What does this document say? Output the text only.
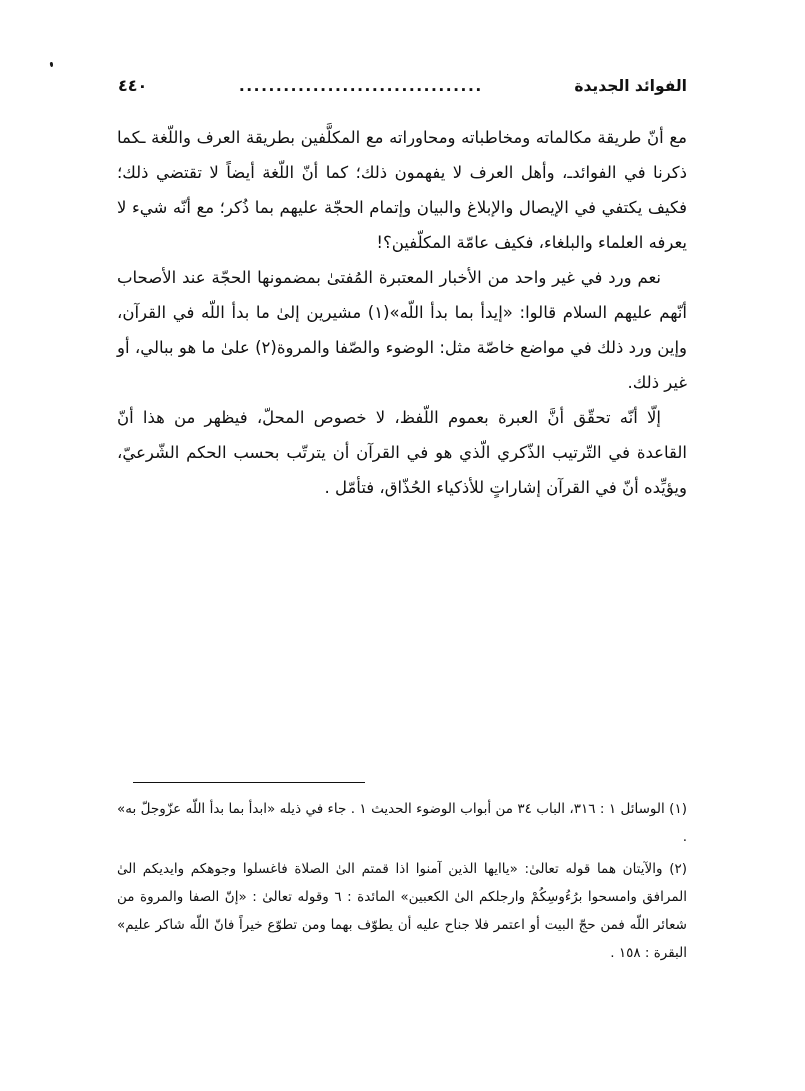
الفوائد الجديدة
.................................
٤٤٠

مع أنّ طريقة مكالماته ومخاطباته ومحاوراته مع المكلَّفين بطريقة العرف واللّغة ـكما ذكرنا في الفوائدـ، وأهل العرف لا يفهمون ذلك؛ كما أنّ اللّغة أيضاً لا تقتضي ذلك؛ فكيف يكتفي في الإيصال والإبلاغ والبيان وإتمام الحجّة عليهم بما ذُكر؛ مع أنّه شيء لا يعرفه العلماء والبلغاء، فكيف عامّة المكلّفين؟!

نعم ورد في غير واحد من الأخبار المعتبرة المُفتىٰ بمضمونها الحجّة عند الأصحاب أنّهم عليهم السلام قالوا: «إيدأ بما بدأ اللّه»‌(١) مشيرين إلىٰ ما بدأ اللّه في القرآن، وإين ورد ذلك في مواضع خاصّة مثل: الوضوء والصّفا والمروة‌(٢) علىٰ ما هو ببالي، أو غير ذلك.

إلّا أنّه تحقّق أنَّ العبرة بعموم اللّفظ، لا خصوص المحلّ، فيظهر من هذا أنّ القاعدة في التّرتيب الذّكري الّذي هو في القرآن أن يترتّب بحسب الحكم الشّرعيّ، ويؤيِّده أنّ في القرآن إشاراتٍ للأذكياء الحُذّاق، فتأمّل .

(١) الوسائل ١ : ٣١٦، الباب ٣٤ من أبواب الوضوء الحديث ١ . جاء في ذيله «ابدأ بما بدأ اللّه عزّوجلّ به» .

(٢) والآيتان هما قوله تعالىٰ: «ياايها الذين آمنوا اذا قمتم الىٰ الصلاة فاغسلوا وجوهكم وايديكم الىٰ المرافق وامسحوا برُءُوسِكُمْ وارجلكم الىٰ الكعبين» المائدة : ٦ وقوله تعالىٰ : «إنّ الصفا والمروة من شعائر اللّه فمن حجّ البيت أو اعتمر فلا جناح عليه أن يطوّف بهما ومن تطوّع خيراً فانّ اللّه شاكر عليم» البقرة : ١٥٨ .
